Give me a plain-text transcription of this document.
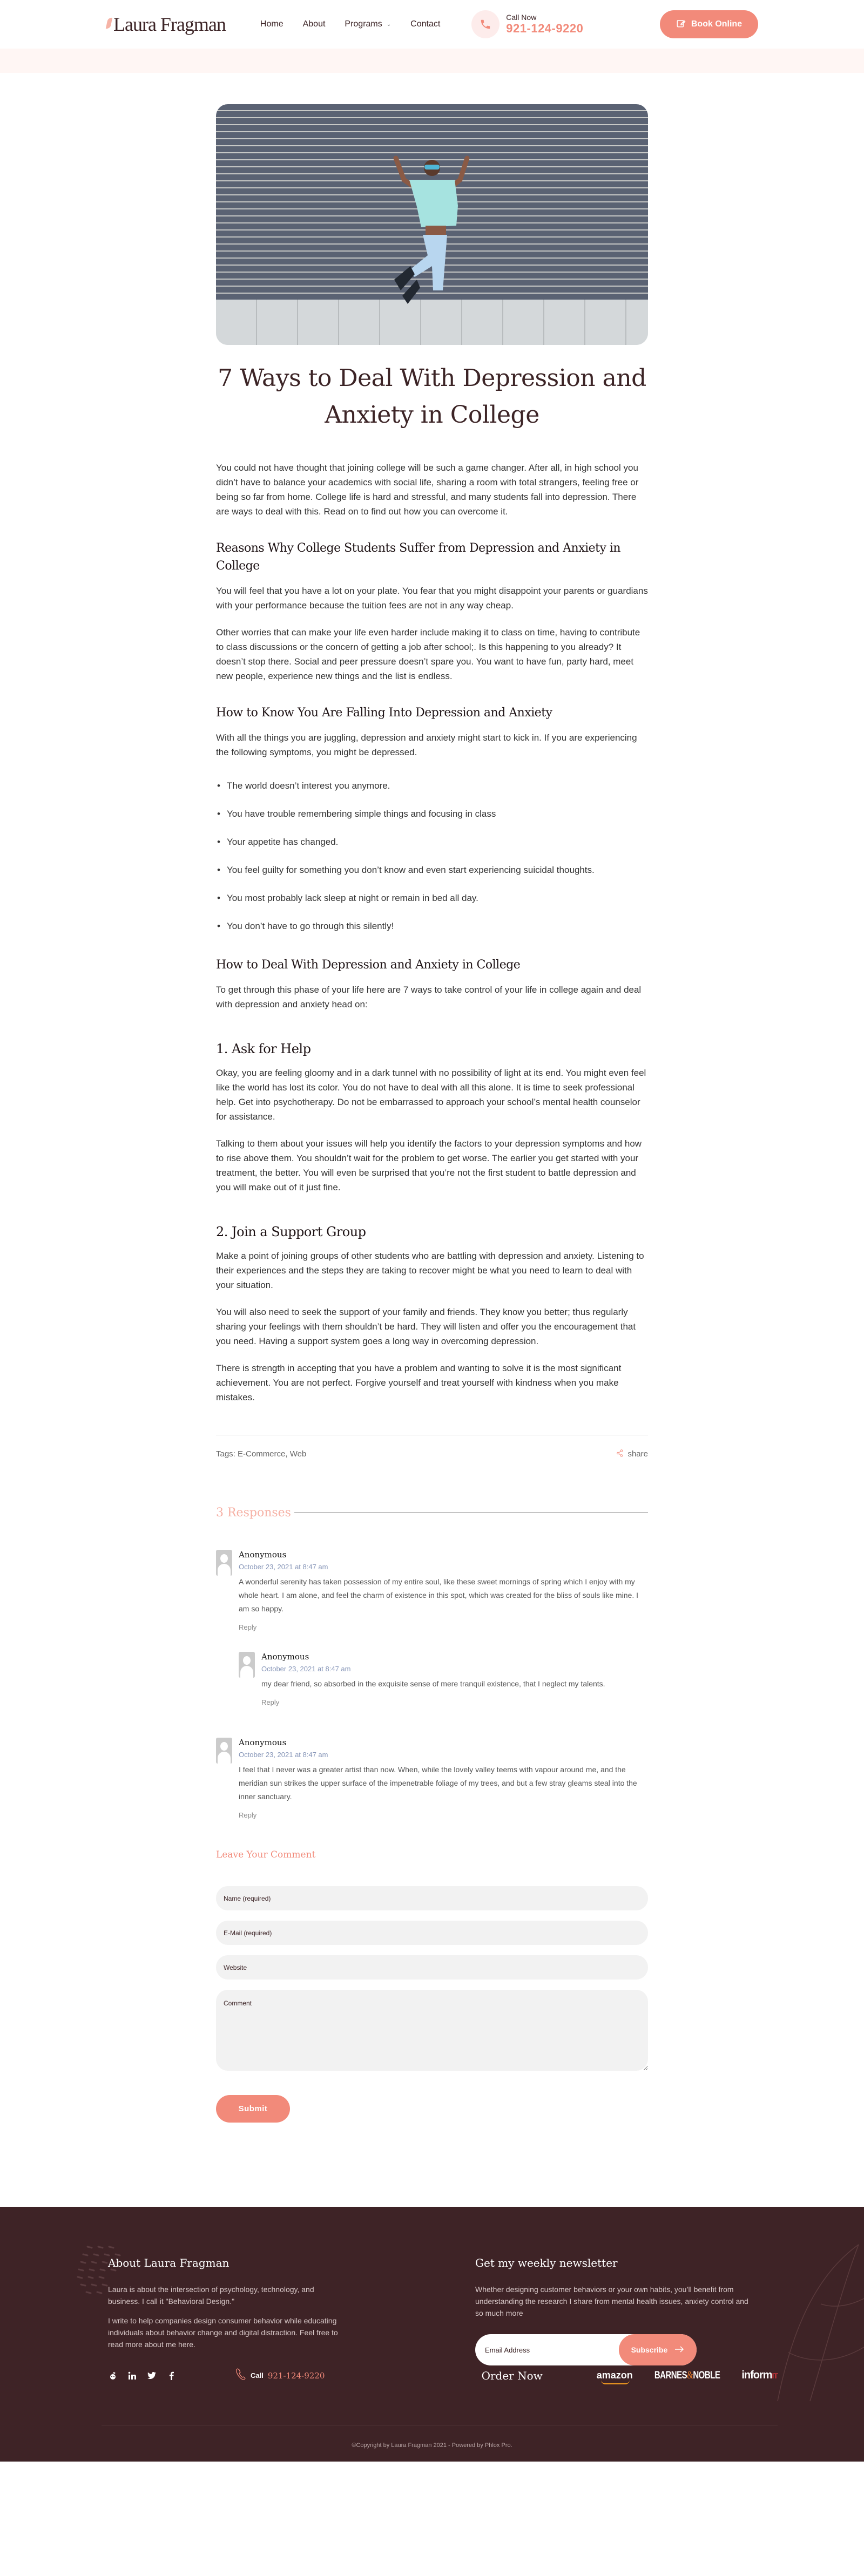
Laura Fragman	Home About Programs ⌄ Contact
Call Now
921-124-9220	Book Online
7 Ways to Deal With Depression and Anxiety in College

You could not have thought that joining college will be such a game changer. After all, in high school you didn’t have to balance your academics with social life, sharing a room with total strangers, feeling free or being so far from home. College life is hard and stressful, and many students fall into depression. There are ways to deal with this. Read on to find out how you can overcome it.

Reasons Why College Students Suffer from Depression and Anxiety in College

You will feel that you have a lot on your plate. You fear that you might disappoint your parents or guardians with your performance because the tuition fees are not in any way cheap.

Other worries that can make your life even harder include making it to class on time, having to contribute to class discussions or the concern of getting a job after school;. Is this happening to you already? It doesn’t stop there. Social and peer pressure doesn’t spare you. You want to have fun, party hard, meet new people, experience new things and the list is endless.

How to Know You Are Falling Into Depression and Anxiety

With all the things you are juggling, depression and anxiety might start to kick in. If you are experiencing the following symptoms, you might be depressed.

• The world doesn’t interest you anymore.
• You have trouble remembering simple things and focusing in class
• Your appetite has changed.
• You feel guilty for something you don’t know and even start experiencing suicidal thoughts.
• You most probably lack sleep at night or remain in bed all day.
• You don’t have to go through this silently!
How to Deal With Depression and Anxiety in College

To get through this phase of your life here are 7 ways to take control of your life in college again and deal with depression and anxiety head on:

1. Ask for Help

Okay, you are feeling gloomy and in a dark tunnel with no possibility of light at its end. You might even feel like the world has lost its color. You do not have to deal with all this alone. It is time to seek professional help. Get into psychotherapy. Do not be embarrassed to approach your school’s mental health counselor for assistance.

Talking to them about your issues will help you identify the factors to your depression symptoms and how to rise above them. You shouldn’t wait for the problem to get worse. The earlier you get started with your treatment, the better. You will even be surprised that you’re not the first student to battle depression and you will make out of it just fine.

2. Join a Support Group

Make a point of joining groups of other students who are battling with depression and anxiety. Listening to their experiences and the steps they are taking to recover might be what you need to learn to deal with your situation.

You will also need to seek the support of your family and friends. They know you better; thus regularly sharing your feelings with them shouldn’t be hard. They will listen and offer you the encouragement that you need. Having a support system goes a long way in overcoming depression.

There is strength in accepting that you have a problem and wanting to solve it is the most significant achievement. You are not perfect. Forgive yourself and treat yourself with kindness when you make mistakes.

Tags: E-Commerce, Web	share
3 Responses
Anonymous
October 23, 2021 at 8:47 am
A wonderful serenity has taken possession of my entire soul, like these sweet mornings of spring which I enjoy with my whole heart. I am alone, and feel the charm of existence in this spot, which was created for the bliss of souls like mine. I am so happy.
Reply
Anonymous
October 23, 2021 at 8:47 am
my dear friend, so absorbed in the exquisite sense of mere tranquil existence, that I neglect my talents.
Reply
Anonymous
October 23, 2021 at 8:47 am
I feel that I never was a greater artist than now. When, while the lovely valley teems with vapour around me, and the meridian sun strikes the upper surface of the impenetrable foliage of my trees, and but a few stray gleams steal into the inner sanctuary.
Reply
Leave Your Comment
Name (required)
E-Mail (required)
Website
Comment Submit
About Laura Fragman

Laura is about the intersection of psychology, technology, and business. I call it "Behavioral Design."

I write to help companies design consumer behavior while educating individuals about behavior change and digital distraction. Feel free to read more about me here.

Get my weekly newsletter

Whether designing customer behaviors or your own habits, you’ll benefit from understanding the research I share from mental health issues, anxiety control and so much more

Email Address
Subscribe
Call 921-124-9220	Order Now	amazon	BARNES&NOBLE informIT
©Copyright by Laura Fragman 2021 - Powered by Phlox Pro.
